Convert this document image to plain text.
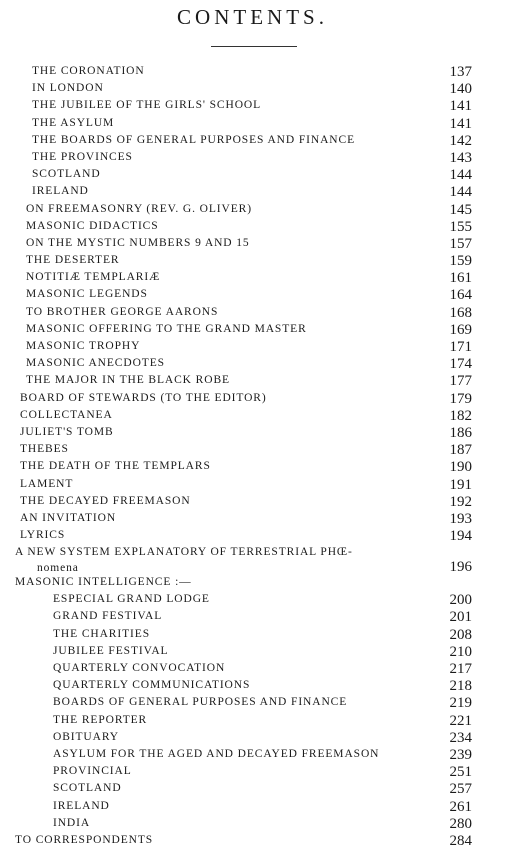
CONTENTS.
THE CORONATION	137
IN LONDON	140
THE JUBILEE OF THE GIRLS' SCHOOL	141
THE ASYLUM	141
THE BOARDS OF GENERAL PURPOSES AND FINANCE	142
THE PROVINCES	143
SCOTLAND	144
IRELAND	144
ON FREEMASONRY (REV. G. OLIVER)	145
MASONIC DIDACTICS	155
ON THE MYSTIC NUMBERS 9 AND 15	157
THE DESERTER	159
NOTITIÆ TEMPLARIÆ	161
MASONIC LEGENDS	164
TO BROTHER GEORGE AARONS	168
MASONIC OFFERING TO THE GRAND MASTER	169
MASONIC TROPHY	171
MASONIC ANECDOTES	174
THE MAJOR IN THE BLACK ROBE	177
BOARD OF STEWARDS (TO THE EDITOR)	179
COLLECTANEA	182
JULIET'S TOMB	186
THEBES	187
THE DEATH OF THE TEMPLARS	190
LAMENT	191
THE DECAYED FREEMASON	192
AN INVITATION	193
LYRICS	194
A NEW SYSTEM EXPLANATORY OF TERRESTRIAL PHŒ-
nomena	196
MASONIC INTELLIGENCE :—
ESPECIAL GRAND LODGE	200
GRAND FESTIVAL	201
THE CHARITIES	208
JUBILEE FESTIVAL	210
QUARTERLY CONVOCATION	217
QUARTERLY COMMUNICATIONS	218
BOARDS OF GENERAL PURPOSES AND FINANCE	219
THE REPORTER	221
OBITUARY	234
ASYLUM FOR THE AGED AND DECAYED FREEMASON	239
PROVINCIAL	251
SCOTLAND	257
IRELAND	261
INDIA	280
TO CORRESPONDENTS	284
